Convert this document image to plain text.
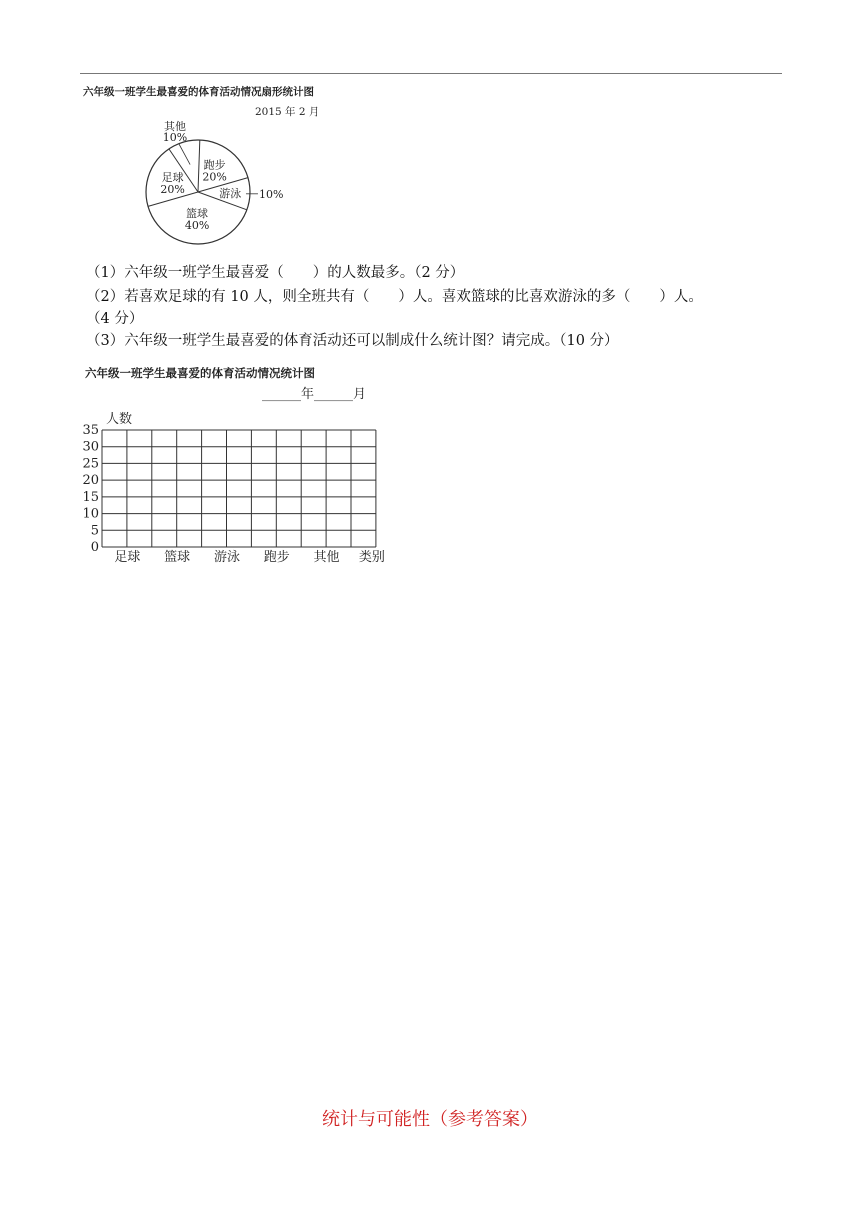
六年级一班学生最喜爱的体育活动情况扇形统计图
2015 年 2 月
其他
10%
跑步
20%
游泳 10%
篮球
40%
足球
20%
（1）六年级一班学生最喜爱（　　）的人数最多。（2 分）
（2）若喜欢足球的有 10 人，则全班共有（　　）人。喜欢篮球的比喜欢游泳的多（　　）人。
（4 分）
（3）六年级一班学生最喜爱的体育活动还可以制成什么统计图？请完成。（10 分）
六年级一班学生最喜爱的体育活动情况统计图
______年______月
人数
0
5
10
15
20
25
30
35
足球 篮球 游泳 跑步 其他 类别
统计与可能性（参考答案）
